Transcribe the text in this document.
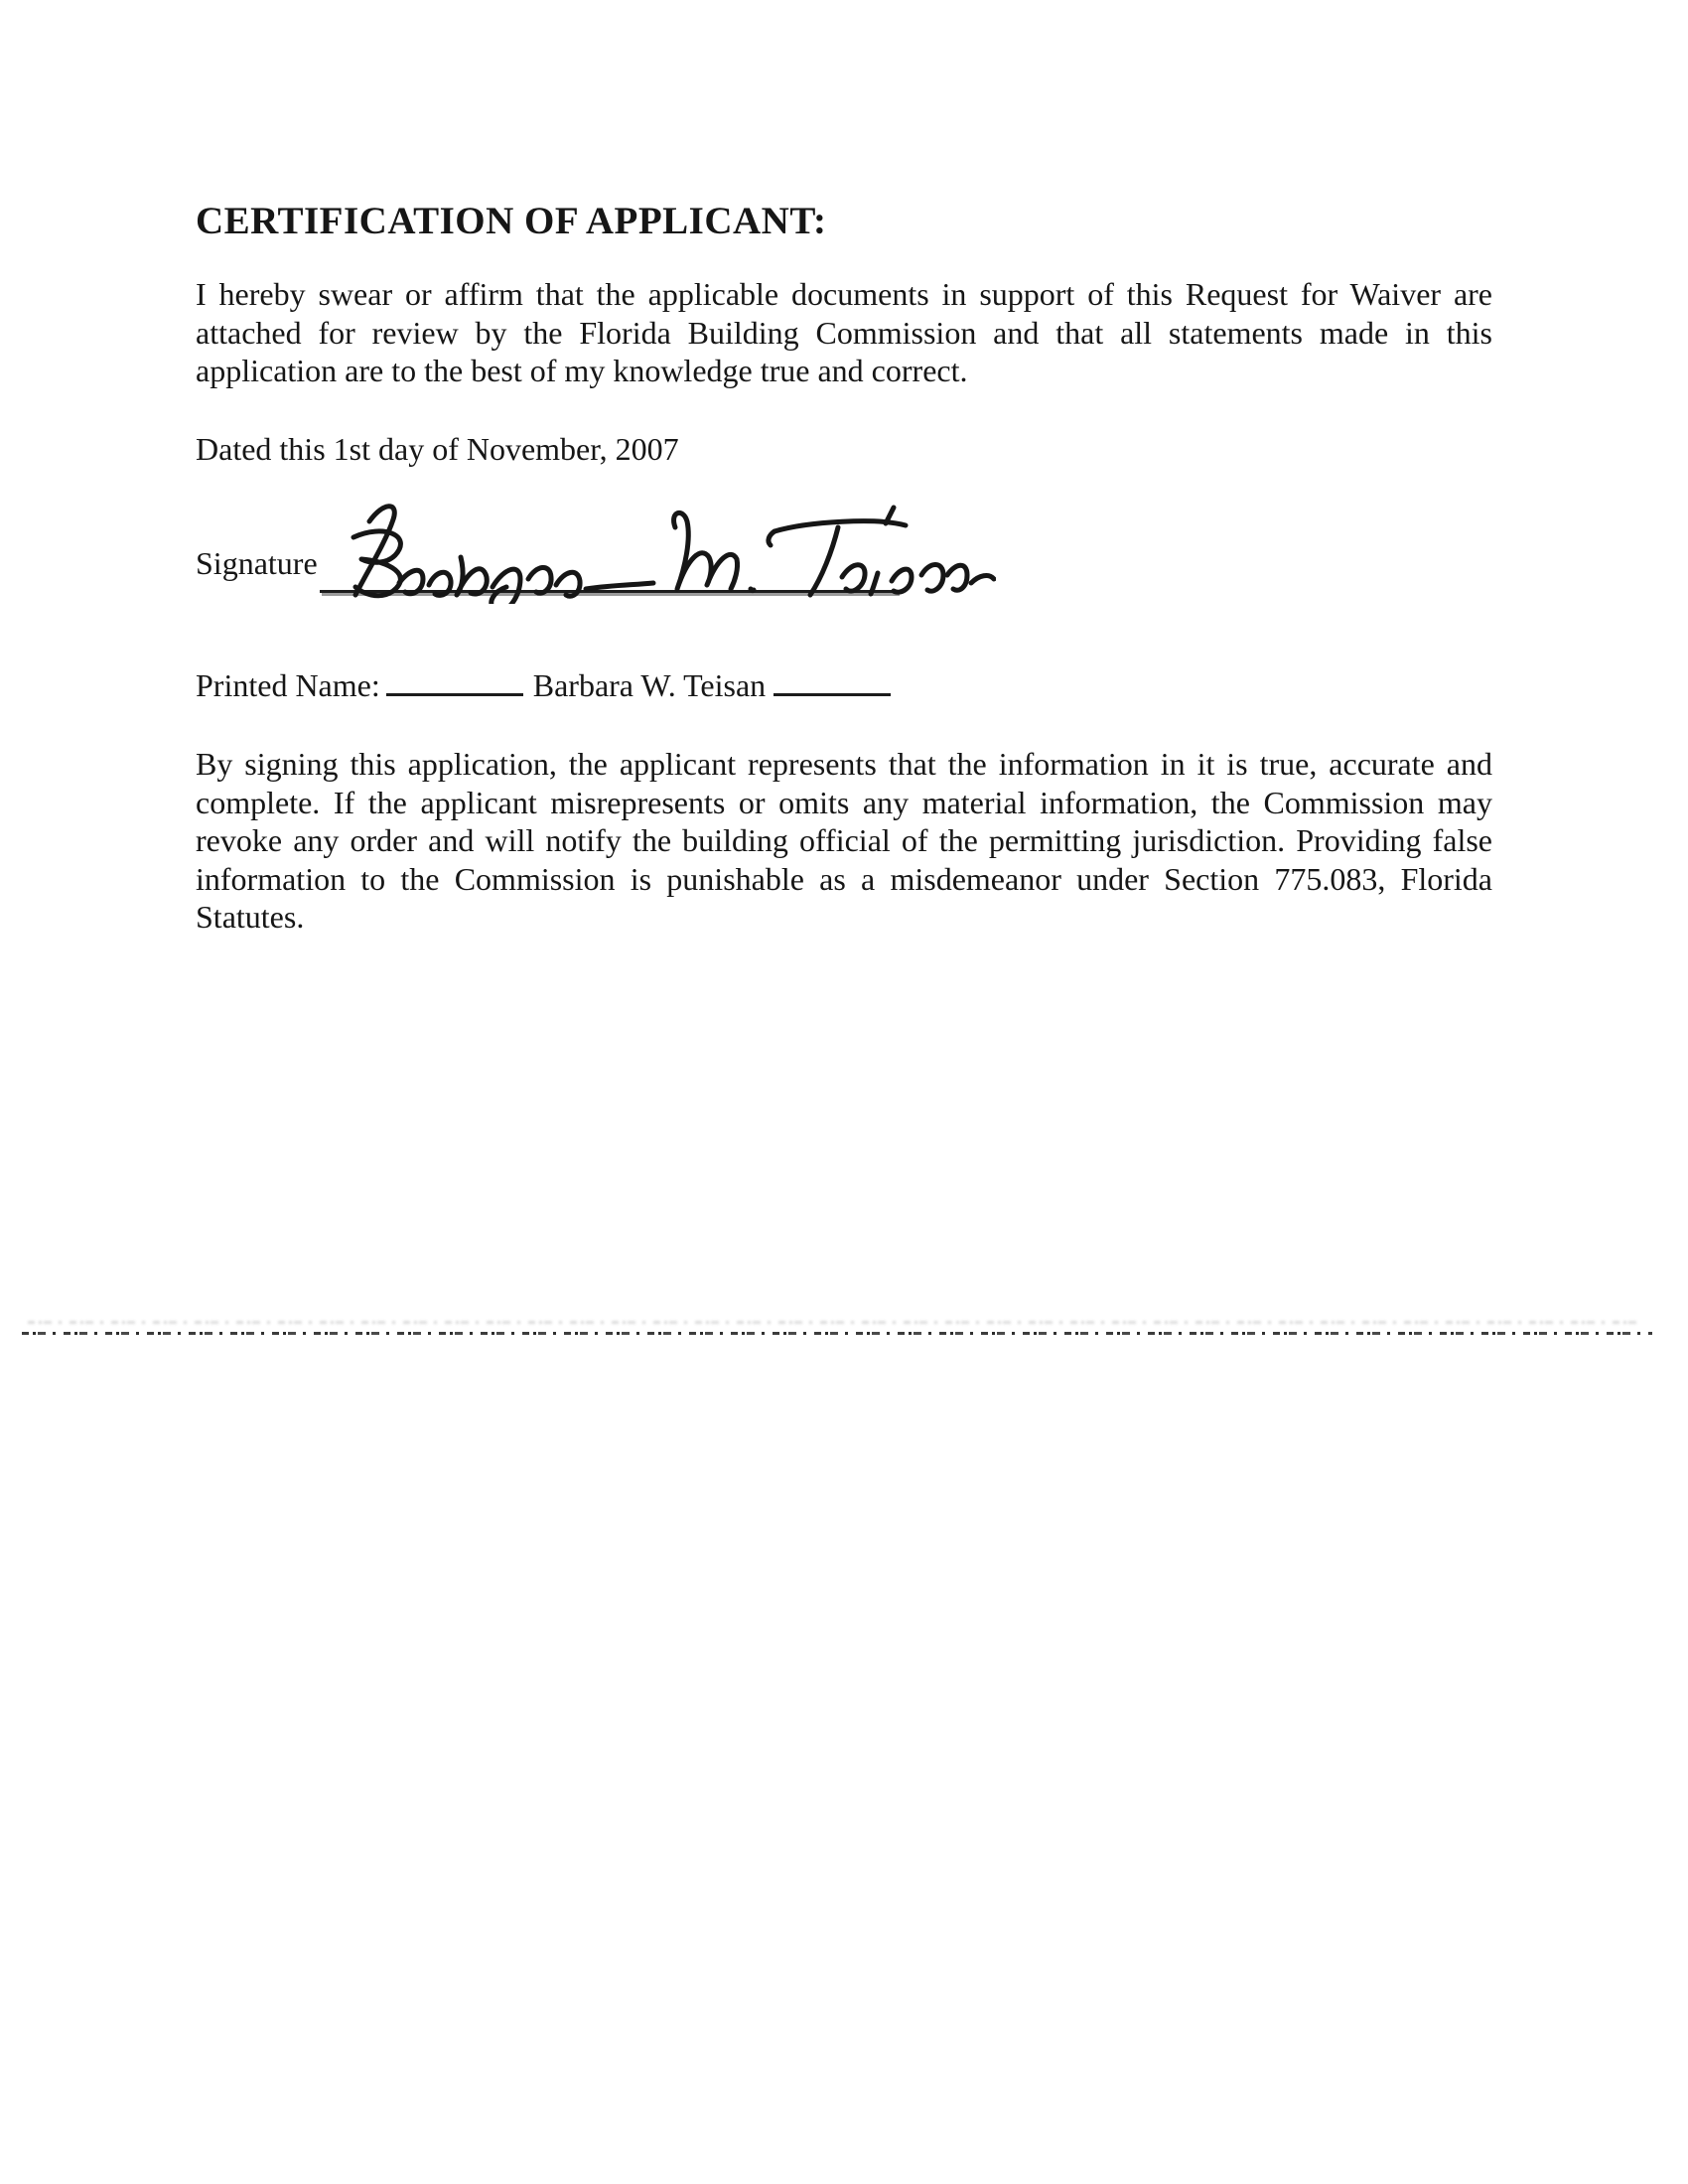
CERTIFICATION OF APPLICANT:
I hereby swear or affirm that the applicable documents in support of this Request for Waiver are
attached for review by the Florida Building Commission and that all statements made in this
application are to the best of my knowledge true and correct.
Dated this 1st day of November, 2007
Signature
Printed Name:	Barbara W. Teisan
By signing this application, the applicant represents that the information in it is true, accurate and
complete. If the applicant misrepresents or omits any material information, the Commission may
revoke any order and will notify the building official of the permitting jurisdiction. Providing false
information to the Commission is punishable as a misdemeanor under Section 775.083, Florida
Statutes.
